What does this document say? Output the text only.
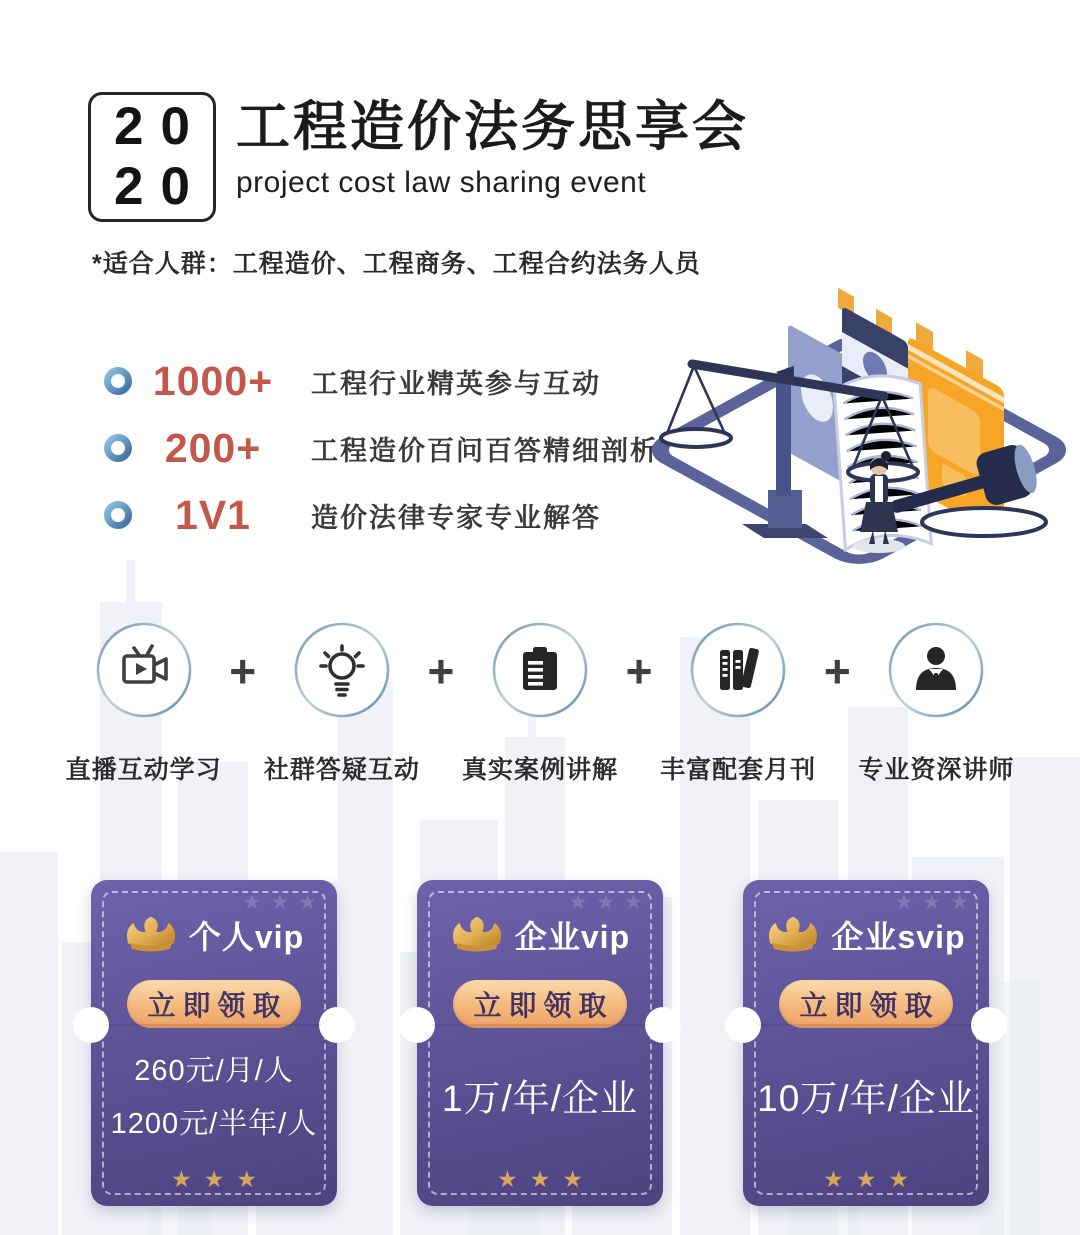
20
20
工程造价法务思享会
project cost law sharing event
*适合人群：工程造价、工程商务、工程合约法务人员
1000+	工程行业精英参与互动
200+	工程造价百问百答精细剖析
1V1	造价法律专家专业解答
直播互动学习
+
社群答疑互动
+
真实案例讲解
+
丰富配套月刊
+
专业资深讲师
★ ★ ★
个人vip
立即领取
260元/月/人
1200元/半年/人
★ ★ ★
★ ★ ★
企业vip
立即领取
1万/年/企业
★ ★ ★
★ ★ ★
企业svip
立即领取
10万/年/企业
★ ★ ★
